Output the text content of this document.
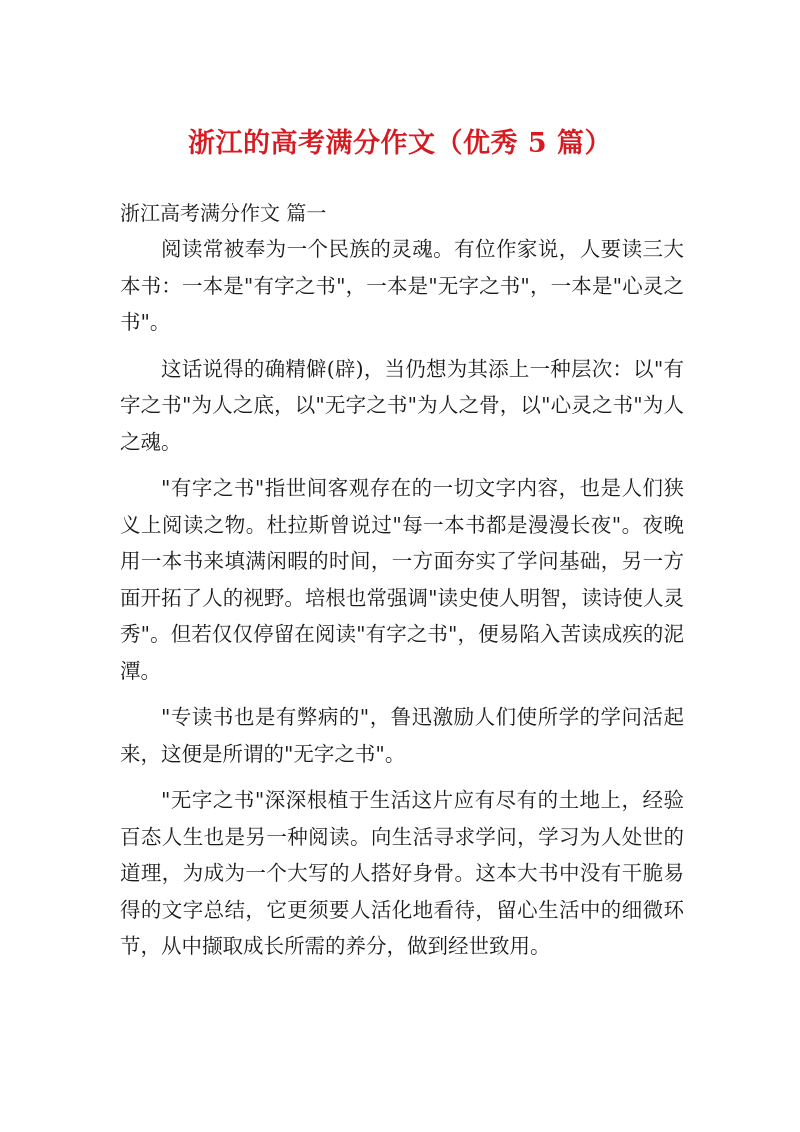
浙江的高考满分作文（优秀 5 篇）
浙江高考满分作文 篇一

阅读常被奉为一个民族的灵魂。有位作家说，人要读三大本书：一本是"有字之书"，一本是"无字之书"，一本是"心灵之书"。

这话说得的确精僻(辟)，当仍想为其添上一种层次：以"有字之书"为人之底，以"无字之书"为人之骨，以"心灵之书"为人之魂。

"有字之书"指世间客观存在的一切文字内容，也是人们狭义上阅读之物。杜拉斯曾说过"每一本书都是漫漫长夜"。夜晚用一本书来填满闲暇的时间，一方面夯实了学问基础，另一方面开拓了人的视野。培根也常强调"读史使人明智，读诗使人灵秀"。但若仅仅停留在阅读"有字之书"，便易陷入苦读成疾的泥潭。

"专读书也是有弊病的"，鲁迅激励人们使所学的学问活起来，这便是所谓的"无字之书"。

"无字之书"深深根植于生活这片应有尽有的土地上，经验百态人生也是另一种阅读。向生活寻求学问，学习为人处世的道理，为成为一个大写的人搭好身骨。这本大书中没有干脆易得的文字总结，它更须要人活化地看待，留心生活中的细微环节，从中撷取成长所需的养分，做到经世致用。
